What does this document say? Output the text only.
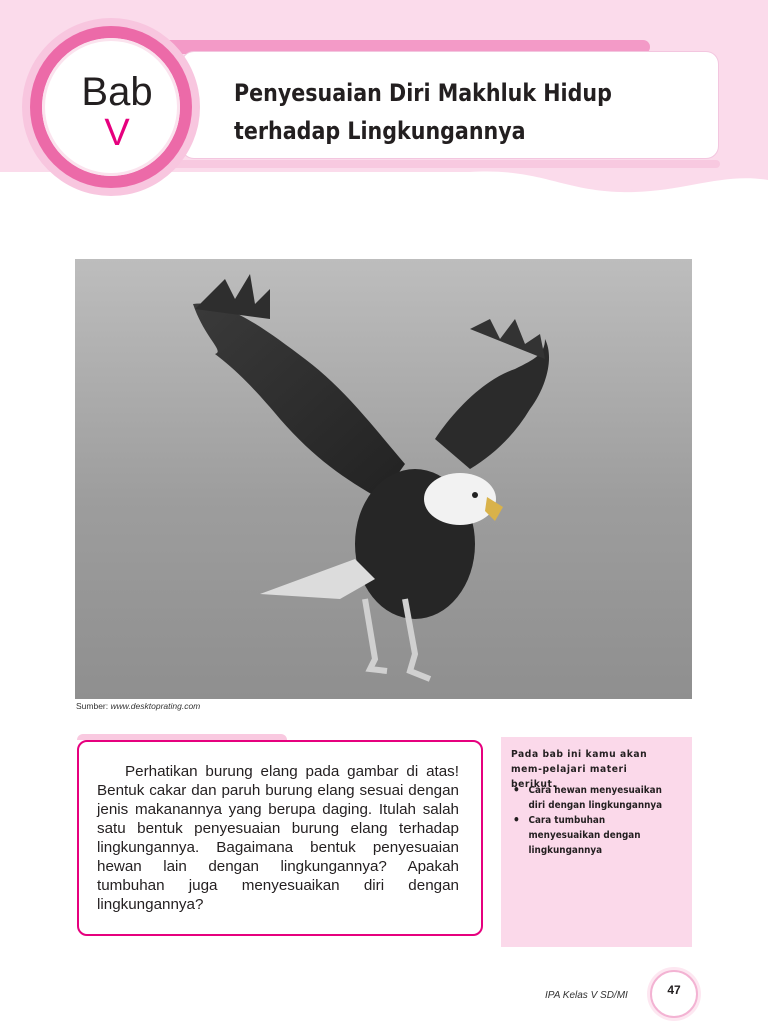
Penyesuaian Diri Makhluk Hidup
terhadap Lingkungannya
Bab
V
Sumber: www.desktoprating.com

Perhatikan burung elang pada gambar di atas! Bentuk cakar dan paruh burung elang sesuai dengan jenis makanannya yang berupa daging. Itulah salah satu bentuk penyesuaian burung elang terhadap lingkungannya. Bagaimana bentuk penyesuaian hewan lain dengan lingkungannya? Apakah tumbuhan juga menyesuaikan diri dengan lingkungannya?

Pada bab ini kamu akan mem-pelajari materi berikut.

• Cara hewan menyesuaikan diri dengan lingkungannya
• Cara tumbuhan menyesuaikan dengan lingkungannya
IPA Kelas V SD/MI	47
